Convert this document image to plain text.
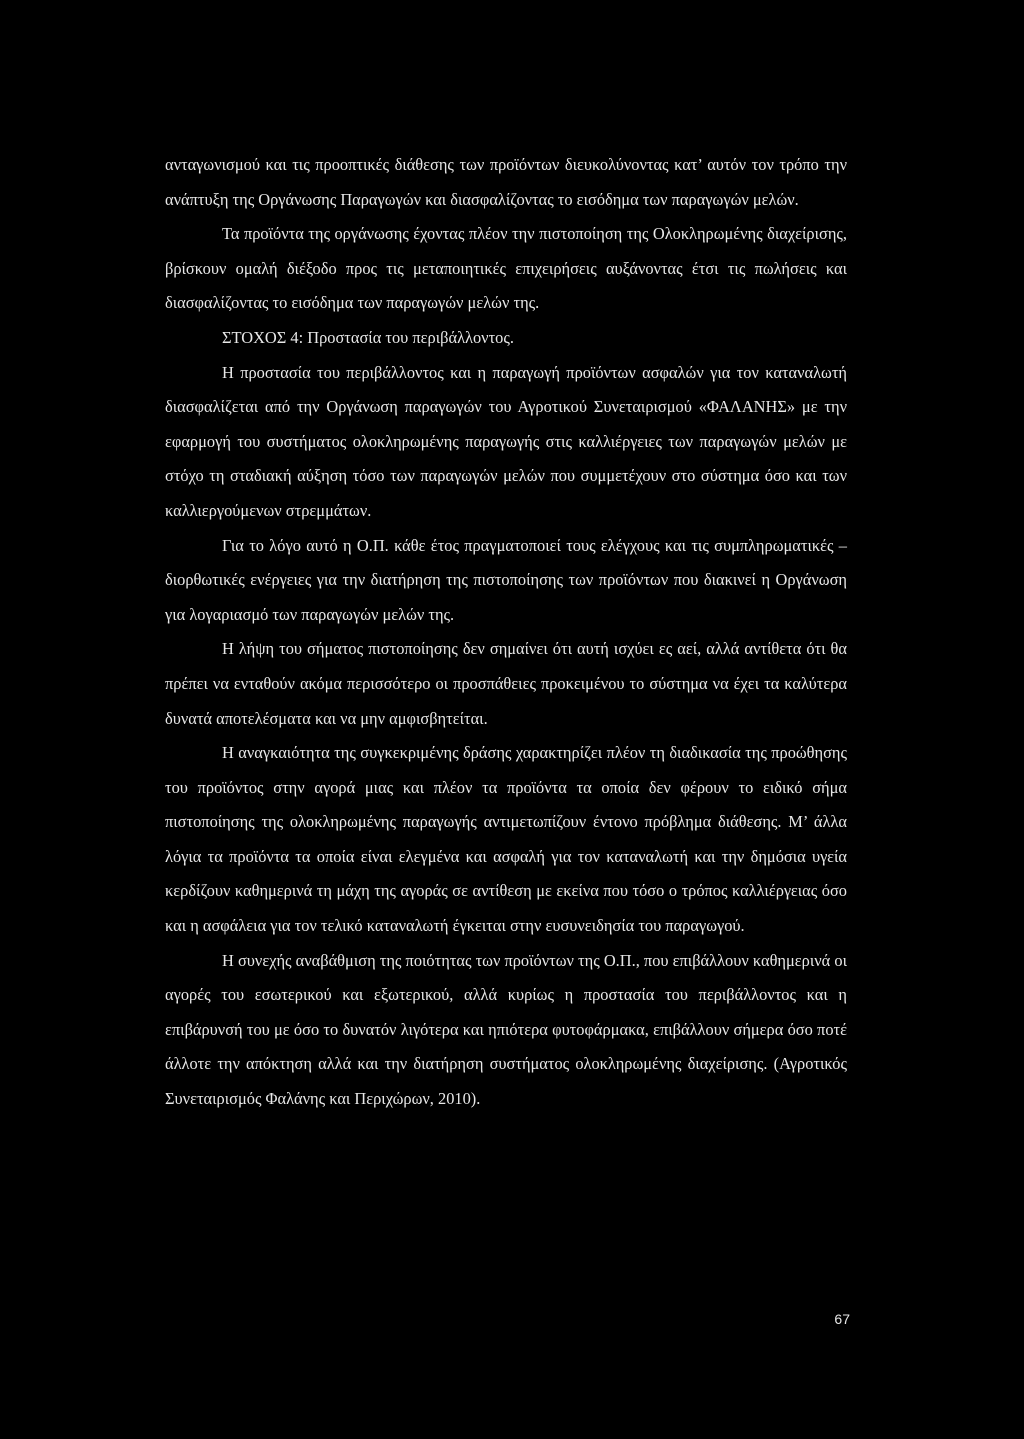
ανταγωνισμού και τις προοπτικές διάθεσης των προϊόντων διευκολύνοντας κατ’ αυτόν τον τρόπο την ανάπτυξη της Οργάνωσης Παραγωγών και διασφαλίζοντας το εισόδημα των παραγωγών μελών.

Τα προϊόντα της οργάνωσης έχοντας πλέον την πιστοποίηση της Ολοκληρωμένης διαχείρισης, βρίσκουν ομαλή διέξοδο προς τις μεταποιητικές επιχειρήσεις αυξάνοντας έτσι τις πωλήσεις και διασφαλίζοντας το εισόδημα των παραγωγών μελών της.

ΣΤΟΧΟΣ 4: Προστασία του περιβάλλοντος.

Η προστασία του περιβάλλοντος και η παραγωγή προϊόντων ασφαλών για τον καταναλωτή διασφαλίζεται από την Οργάνωση παραγωγών του Αγροτικού Συνεταιρισμού «ΦΑΛΑΝΗΣ» με την εφαρμογή του συστήματος ολοκληρωμένης παραγωγής στις καλλιέργειες των παραγωγών μελών με στόχο τη σταδιακή αύξηση τόσο των παραγωγών μελών που συμμετέχουν στο σύστημα όσο και των καλλιεργούμενων στρεμμάτων.

Για το λόγο αυτό η Ο.Π. κάθε έτος πραγματοποιεί τους ελέγχους και τις συμπληρωματικές – διορθωτικές ενέργειες για την διατήρηση της πιστοποίησης των προϊόντων που διακινεί η Οργάνωση για λογαριασμό των παραγωγών μελών της.

Η λήψη του σήματος πιστοποίησης δεν σημαίνει ότι αυτή ισχύει ες αεί, αλλά αντίθετα ότι θα πρέπει να ενταθούν ακόμα περισσότερο οι προσπάθειες προκειμένου το σύστημα να έχει τα καλύτερα δυνατά αποτελέσματα και να μην αμφισβητείται.

Η αναγκαιότητα της συγκεκριμένης δράσης χαρακτηρίζει πλέον τη διαδικασία της προώθησης του προϊόντος στην αγορά μιας και πλέον τα προϊόντα τα οποία δεν φέρουν το ειδικό σήμα πιστοποίησης της ολοκληρωμένης παραγωγής αντιμετωπίζουν έντονο πρόβλημα διάθεσης. Μ’ άλλα λόγια τα προϊόντα τα οποία είναι ελεγμένα και ασφαλή για τον καταναλωτή και την δημόσια υγεία κερδίζουν καθημερινά τη μάχη της αγοράς σε αντίθεση με εκείνα που τόσο ο τρόπος καλλιέργειας όσο και η ασφάλεια για τον τελικό καταναλωτή έγκειται στην ευσυνειδησία του παραγωγού.

Η συνεχής αναβάθμιση της ποιότητας των προϊόντων της Ο.Π., που επιβάλλουν καθημερινά οι αγορές του εσωτερικού και εξωτερικού, αλλά κυρίως η προστασία του περιβάλλοντος και η επιβάρυνσή του με όσο το δυνατόν λιγότερα και ηπιότερα φυτοφάρμακα, επιβάλλουν σήμερα όσο ποτέ άλλοτε την απόκτηση αλλά και την διατήρηση συστήματος ολοκληρωμένης διαχείρισης. (Αγροτικός Συνεταιρισμός Φαλάνης και Περιχώρων, 2010).

67
